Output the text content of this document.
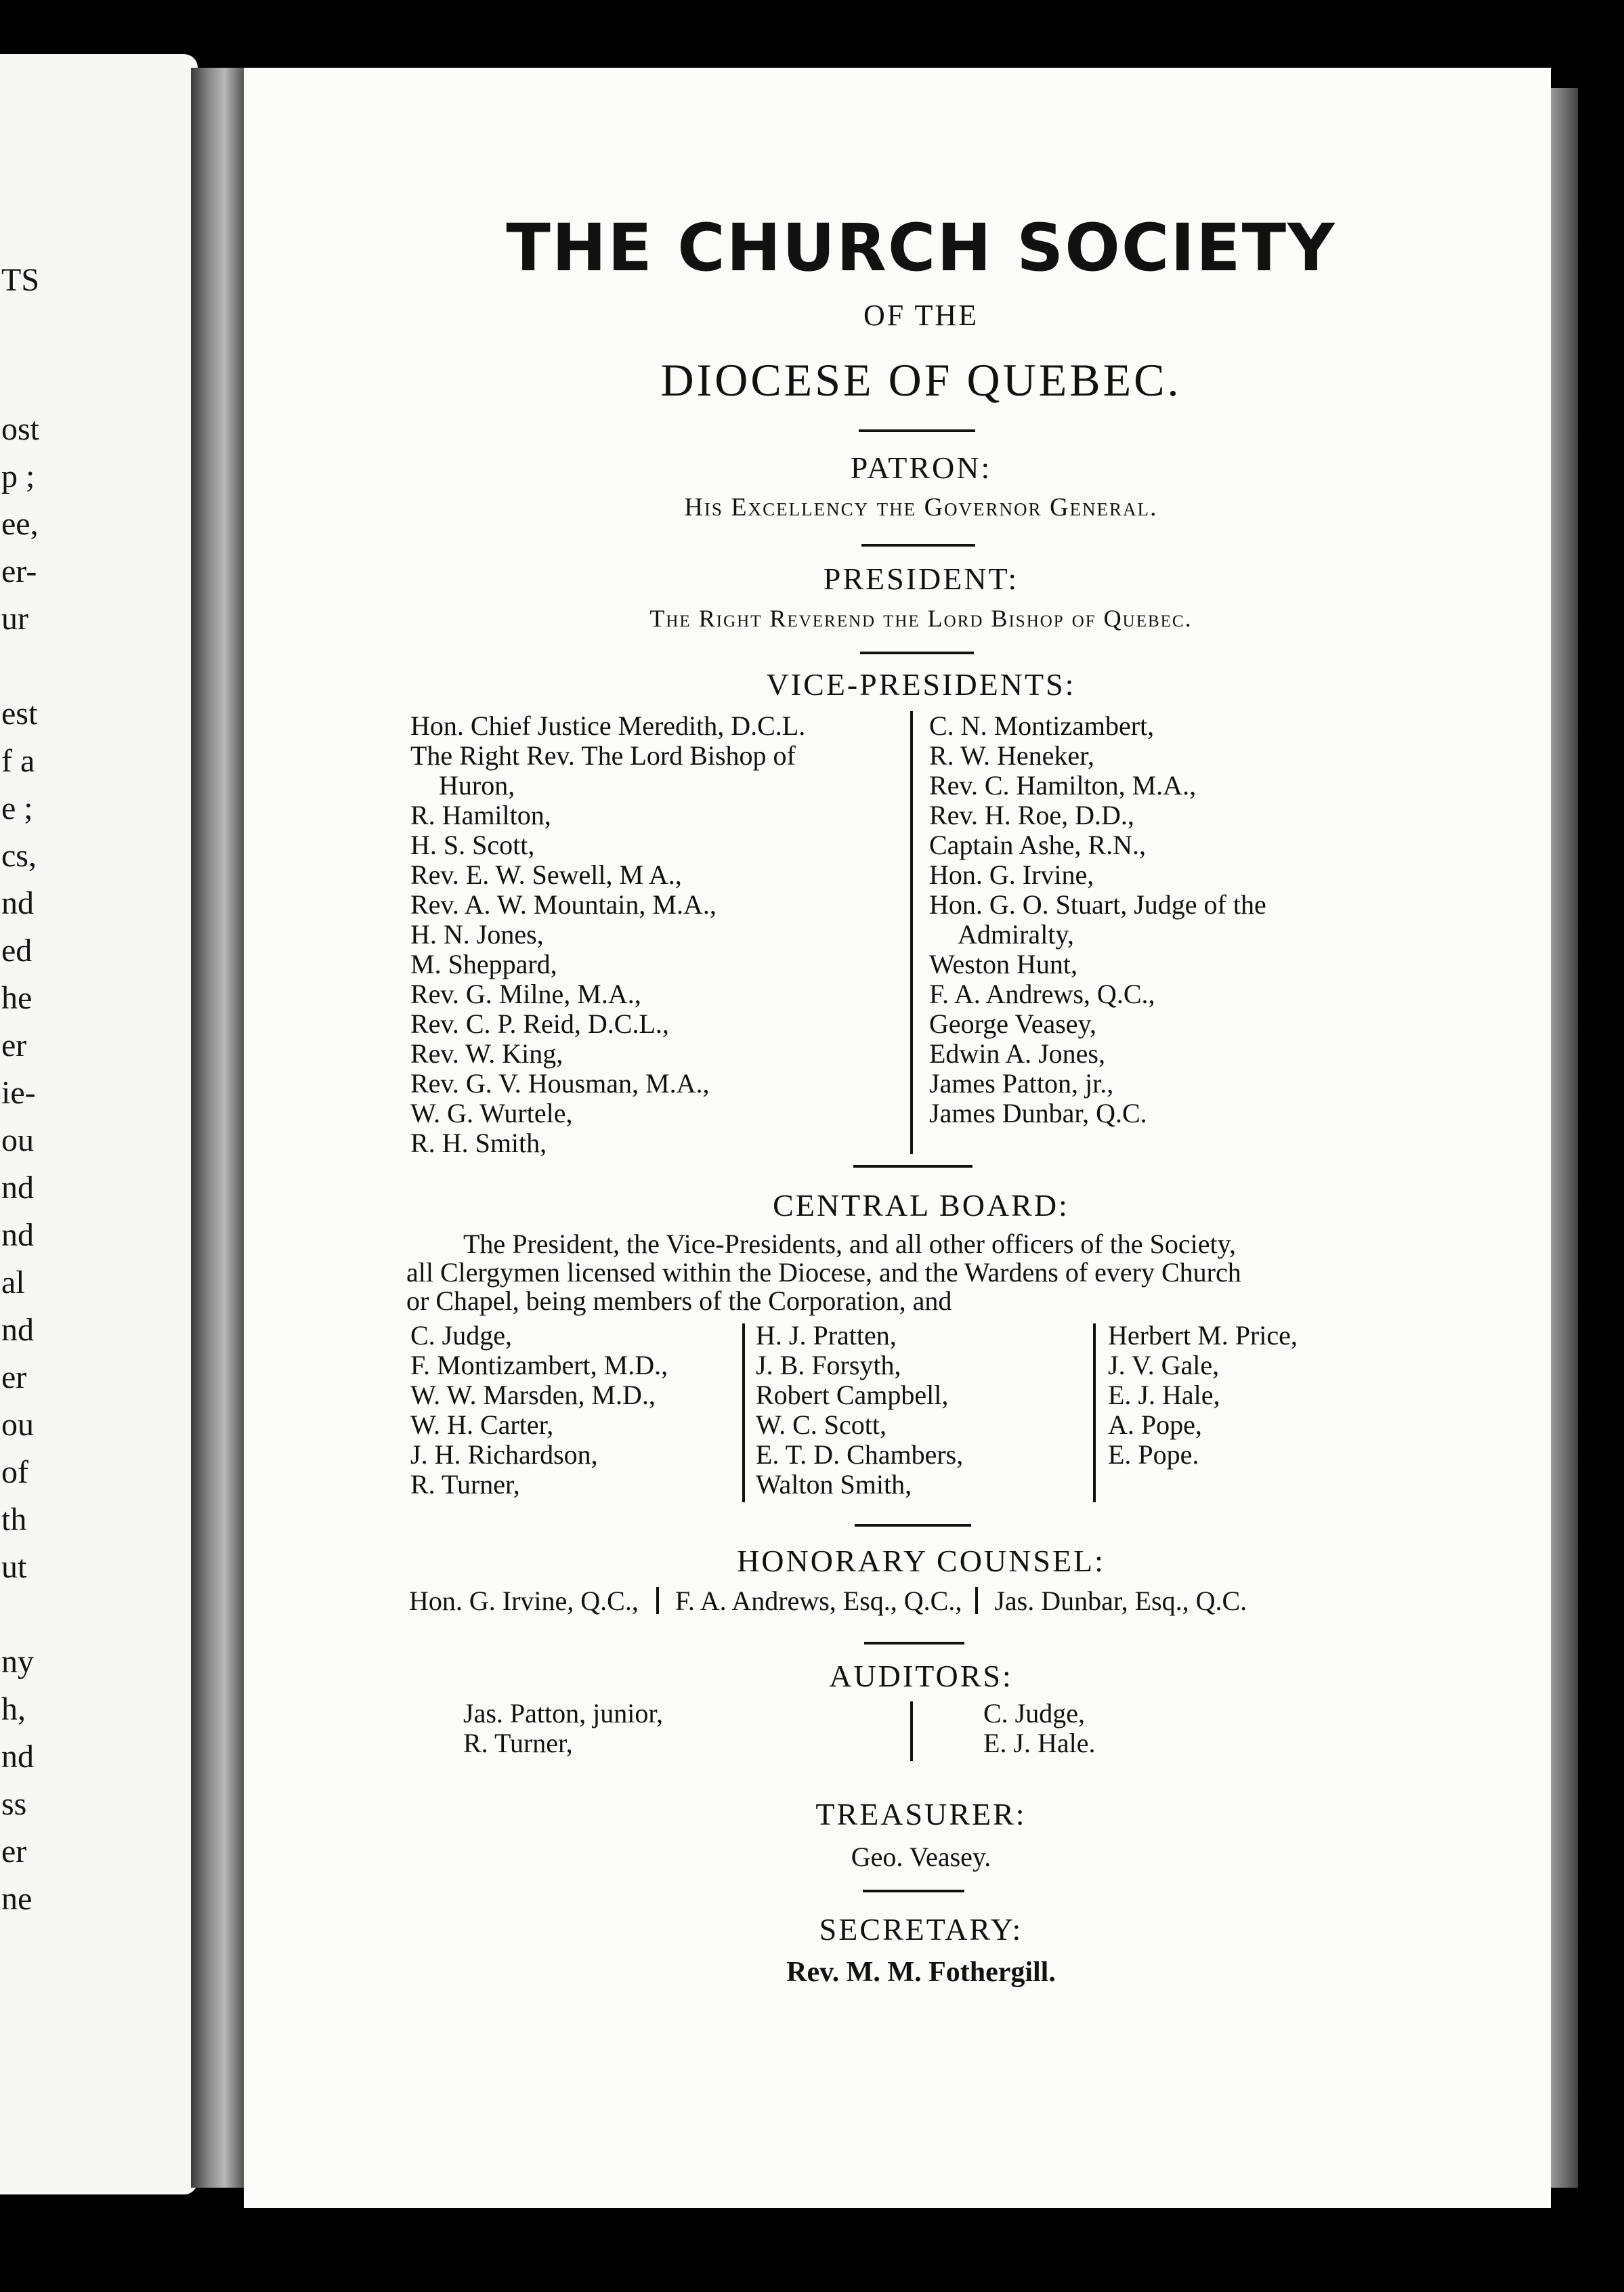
TS
ost
p ;
ee,
er-
ur
est
f a
e ;
cs,
nd
ed
he
er
ie-
ou
nd
nd
al
nd
er
ou
of
th
ut
ny
h,
nd
ss
er
ne
THE CHURCH SOCIETY
OF THE
DIOCESE OF QUEBEC.
PATRON:
His Excellency the Governor General.
PRESIDENT:
The Right Reverend the Lord Bishop of Quebec.
VICE-PRESIDENTS:
Hon. Chief Justice Meredith, D.C.L.
The Right Rev. The Lord Bishop of
Huron,
R. Hamilton,
H. S. Scott,
Rev. E. W. Sewell, M A.,
Rev. A. W. Mountain, M.A.,
H. N. Jones,
M. Sheppard,
Rev. G. Milne, M.A.,
Rev. C. P. Reid, D.C.L.,
Rev. W. King,
Rev. G. V. Housman, M.A.,
W. G. Wurtele,
R. H. Smith,
C. N. Montizambert,
R. W. Heneker,
Rev. C. Hamilton, M.A.,
Rev. H. Roe, D.D.,
Captain Ashe, R.N.,
Hon. G. Irvine,
Hon. G. O. Stuart, Judge of the
Admiralty,
Weston Hunt,
F. A. Andrews, Q.C.,
George Veasey,
Edwin A. Jones,
James Patton, jr.,
James Dunbar, Q.C.
CENTRAL BOARD:
The President, the Vice-Presidents, and all other officers of the Society,
all Clergymen licensed within the Diocese, and the Wardens of every Church
or Chapel, being members of the Corporation, and
C. Judge,
F. Montizambert, M.D.,
W. W. Marsden, M.D.,
W. H. Carter,
J. H. Richardson,
R. Turner,
H. J. Pratten,
J. B. Forsyth,
Robert Campbell,
W. C. Scott,
E. T. D. Chambers,
Walton Smith,
Herbert M. Price,
J. V. Gale,
E. J. Hale,
A. Pope,
E. Pope.
HONORARY COUNSEL:
Hon. G. Irvine, Q.C., F. A. Andrews, Esq., Q.C., Jas. Dunbar, Esq., Q.C.
AUDITORS:
Jas. Patton, junior,
R. Turner,
C. Judge,
E. J. Hale.
TREASURER:
Geo. Veasey.
SECRETARY:
Rev. M. M. Fothergill.
